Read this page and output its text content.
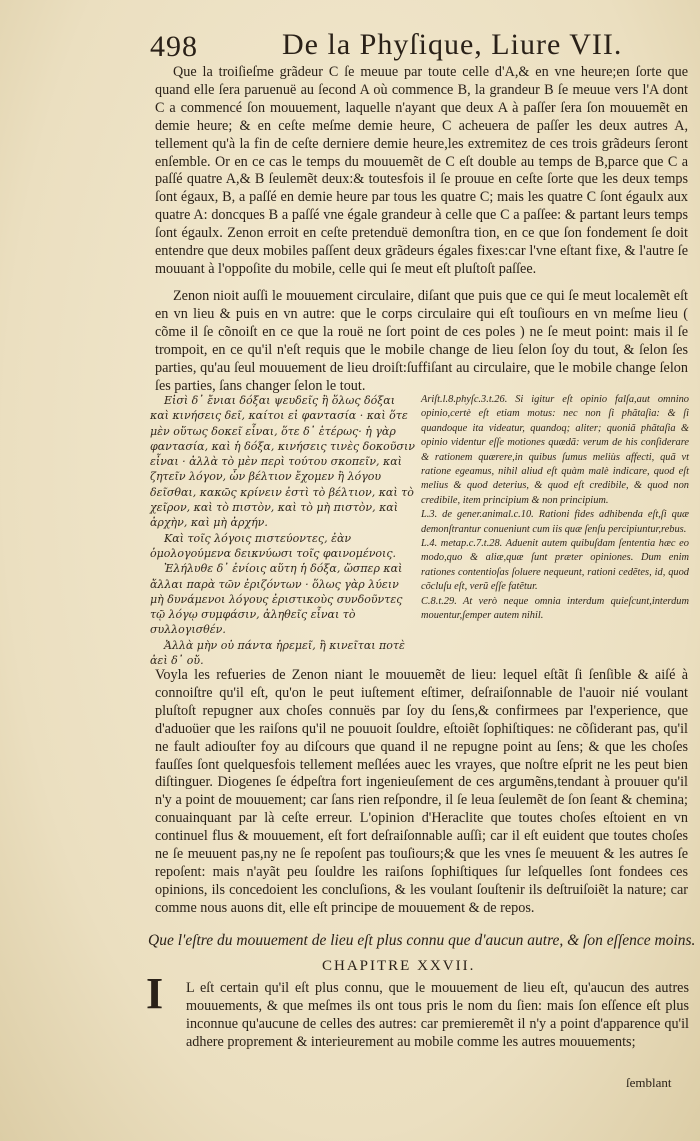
498	De la Phyſique, Liure VII.

Que la troiſieſme grãdeur C ſe meuue par toute celle d'A,& en vne heure;en ſorte que quand elle ſera paruenuë au ſecond A où commence B, la grandeur B ſe meuue vers l'A dont C a commencé ſon mouuement, laquelle n'ayant que deux A à paſſer ſera ſon mouuemẽt en demie heure; & en ceſte meſme demie heure, C acheuera de paſſer les deux autres A, tellement qu'à la fin de ceſte derniere demie heure,les extremitez de ces trois grãdeurs ſeront enſemble. Or en ce cas le temps du mouuemẽt de C eſt double au temps de B,parce que C a paſſé quatre A,& B ſeulemẽt deux:& toutesfois il ſe prouue en ceſte ſorte que les deux temps ſont égaux, B, a paſſé en demie heure par tous les quatre C; mais les quatre C ſont égaulx aux quatre A: doncques B a paſſé vne égale grandeur à celle que C a paſſee: & partant leurs temps ſont égaulx. Zenon erroit en ceſte pretenduë demonſtra tion, en ce que ſon fondement ſe doit entendre que deux mobiles paſſent deux grãdeurs égales fixes:car l'vne eſtant fixe, & l'autre ſe mouuant à l'oppoſite du mobile, celle qui ſe meut eſt pluſtoſt paſſee.

Zenon nioit auſſi le mouuement circulaire, diſant que puis que ce qui ſe meut localemẽt eſt en vn lieu & puis en vn autre: que le corps circulaire qui eſt touſiours en vn meſme lieu ( cõme il ſe cõnoiſt en ce que la rouë ne ſort point de ces poles ) ne ſe meut point: mais il ſe trompoit, en ce qu'il n'eſt requis que le mobile change de lieu ſelon ſoy du tout, & ſelon ſes parties, qu'au ſeul mouuement de lieu droiſt:ſuffiſant au circulaire, que le mobile change ſelon ſes parties, ſans changer ſelon le tout.

Εἰσὶ δ᾽ ἔνιαι δόξαι ψευδεῖς ἢ ὅλως δόξαι καὶ κινήσεις δεῖ, καίτοι εἰ φαντασία · καὶ ὅτε μὲν οὕτως δοκεῖ εἶναι, ὅτε δ᾽ ἑτέρως· ἡ γὰρ φαντασία, καὶ ἡ δόξα, κινήσεις τινὲς δοκοῦσιν εἶναι · ἀλλὰ τὸ μὲν περὶ τούτου σκοπεῖν, καὶ ζητεῖν λόγον, ὧν βέλτιον ἔχομεν ἢ λόγου δεῖσθαι, κακῶς κρίνειν ἐστὶ τὸ βέλτιον, καὶ τὸ χεῖρον, καὶ τὸ πιστὸν, καὶ τὸ μὴ πιστὸν, καὶ ἀρχὴν, καὶ μὴ ἀρχήν.

Καὶ τοῖς λόγοις πιστεύοντες, ἐὰν ὁμολογούμενα δεικνύωσι τοῖς φαινομένοις.

Ἐλήλυθε δ᾽ ἐνίοις αὕτη ἡ δόξα, ὥσπερ καὶ ἄλλαι παρὰ τῶν ἐριζόντων · ὅλως γὰρ λύειν μὴ δυνάμενοι λόγους ἐριστικοὺς συνδοῦντες τῷ λόγῳ συμφάσιν, ἀληθεῖς εἶναι τὸ συλλογισθέν.

Ἀλλὰ μὴν οὐ πάντα ἠρεμεῖ, ἢ κινεῖται ποτὲ ἀεὶ δ᾽ οὔ.

Ariſt.l.8.phyſc.3.t.26. Si igitur eſt opinio falſa,aut omnino opinio,certè eſt etiam motus: nec non ſi phãtaſia: & ſi quandoque ita videatur, quandoq; aliter; quoniã phãtaſia & opinio videntur eſſe motiones quædã: verum de his conſiderare & rationem quærere,in quibus ſumus meliùs affecti, quã vt ratione egeamus, nihil aliud eſt quàm malè indicare, quod eſt melius & quod deterius, & quod eſt credibile, & quod non credibile, item principium & non principium.

L.3. de gener.animal.c.10. Rationi fides adhibenda eſt,ſi quæ demonſtrantur conueniunt cum iis quæ ſenſu percipiuntur,rebus.

L.4. metap.c.7.t.28. Aduenit autem quibuſdam ſententia hæc eo modo,quo & aliæ,quæ ſunt præter opiniones. Dum enim rationes contentioſas ſoluere nequeunt, rationi cedẽtes, id, quod cõcluſu eſt, verũ eſſe fatẽtur.

C.8.t.29. At verò neque omnia interdum quieſcunt,interdum mouentur,ſemper autem nihil.

Voyla les refueries de Zenon niant le mouuemẽt de lieu: lequel eſtãt ſi ſenſible & aiſé à connoiſtre qu'il eſt, qu'on le peut iuſtement eſtimer, deſraiſonnable de l'auoir nié voulant pluſtoſt repugner aux choſes connuës par ſoy du ſens,& confirmees par l'experience, que d'aduoüer que les raiſons qu'il ne pouuoit ſouldre, eſtoiẽt ſophiſtiques: ne cõſiderant pas, qu'il ne fault adiouſter foy au diſcours que quand il ne repugne point au ſens; & que les choſes fauſſes ſont quelquesfois tellement meſlées auec les vrayes, que noſtre eſprit ne les peut bien diſtinguer. Diogenes ſe édpeſtra fort ingenieuſement de ces argumẽns,tendant à prouuer qu'il n'y a point de mouuement; car ſans rien reſpondre, il ſe leua ſeulemẽt de ſon ſeant & chemina; conuainquant par là ceſte erreur. L'opinion d'Heraclite que toutes choſes eſtoient en vn continuel flus & mouuement, eſt fort deſraiſonnable auſſi; car il eſt euident que toutes choſes ne ſe meuuent pas,ny ne ſe repoſent pas touſiours;& que les vnes ſe meuuent & les autres ſe repoſent: mais n'ayãt peu ſouldre les raiſons ſophiſtiques ſur leſquelles ſont fondees ces opinions, ils concedoient les concluſions, & les voulant ſouſtenir ils deſtruiſoiẽt la nature; car comme nous auons dit, elle eſt principe de mouuement & de repos.

Que l'eſtre du mouuement de lieu eſt plus connu que d'aucun autre, & ſon eſſence moins.

CHAPITRE XXVII.

I L eſt certain qu'il eſt plus connu, que le mouuement de lieu eſt, qu'aucun des autres mouuements, & que meſmes ils ont tous pris le nom du ſien: mais ſon eſſence eſt plus inconnue qu'aucune de celles des autres: car premieremẽt il n'y a point d'apparence qu'il adhere proprement & interieurement au mobile comme les autres mouuements;

ſemblant
